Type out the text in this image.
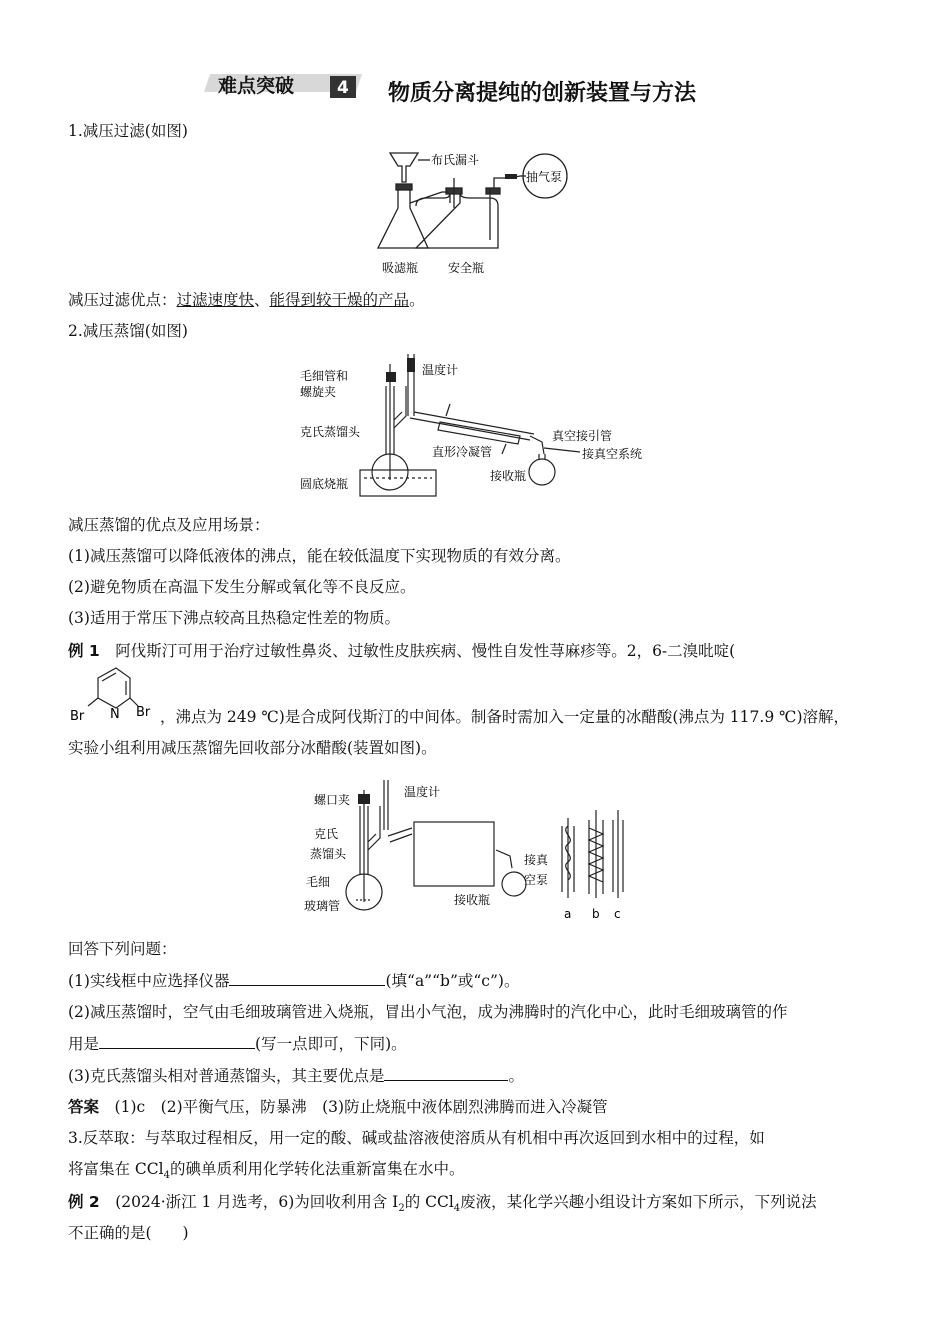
难点突破	4 物质分离提纯的创新装置与方法
1.减压过滤(如图)
布氏漏斗
抽气泵
吸滤瓶 安全瓶
减压过滤优点：过滤速度快、能得到较干燥的产品。
2.减压蒸馏(如图)
毛细管和
螺旋夹
温度计
克氏蒸馏头
直形冷凝管
真空接引管
接真空系统
接收瓶
圆底烧瓶
减压蒸馏的优点及应用场景：
(1)减压蒸馏可以降低液体的沸点，能在较低温度下实现物质的有效分离。
(2)避免物质在高温下发生分解或氧化等不良反应。
(3)适用于常压下沸点较高且热稳定性差的物质。
例 1　 阿伐斯汀可用于治疗过敏性鼻炎、过敏性皮肤疾病、慢性自发性荨麻疹等。2，6-二溴吡啶(
Br N Br ，沸点为 249 ℃)是合成阿伐斯汀的中间体。制备时需加入一定量的冰醋酸(沸点为 117.9 ℃)溶解，
实验小组利用减压蒸馏先回收部分冰醋酸(装置如图)。
螺口夹
温度计
克氏
蒸馏头
毛细
玻璃管
接真
空泵
接收瓶
a b c
回答下列问题：
(1)实线框中应选择仪器	(填“a”“b”或“c”)。
(2)减压蒸馏时，空气由毛细玻璃管进入烧瓶，冒出小气泡，成为沸腾时的汽化中心，此时毛细玻璃管的作
用是	(写一点即可，下同)。
(3)克氏蒸馏头相对普通蒸馏头，其主要优点是	。
答案　 (1)c　(2)平衡气压，防暴沸　(3)防止烧瓶中液体剧烈沸腾而进入冷凝管
3.反萃取：与萃取过程相反，用一定的酸、碱或盐溶液使溶质从有机相中再次返回到水相中的过程，如
将富集在 CCl$_4$的碘单质利用化学转化法重新富集在水中。
例 2　 (2024·浙江 1 月选考，6)为回收利用含 $I_2$的 CCl$_4$废液，某化学兴趣小组设计方案如下所示，下列说法
不正确的是(　　)
